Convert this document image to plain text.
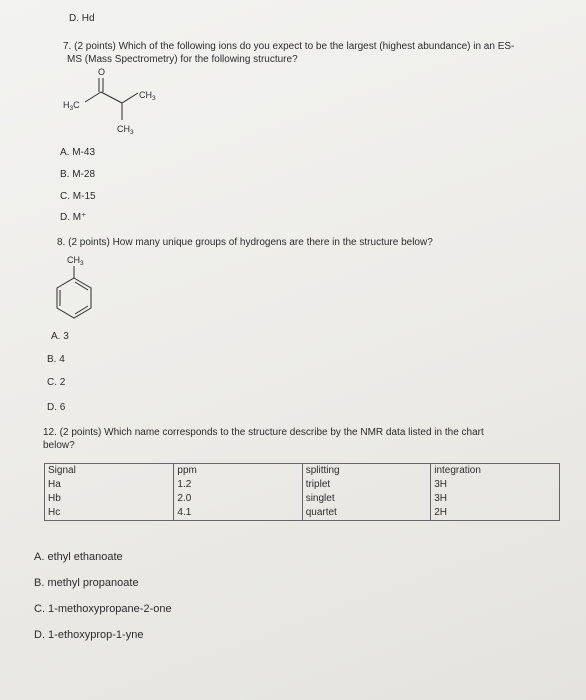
D. Hd
7. (2 points) Which of the following ions do you expect to be the largest (highest abundance) in an ES-
MS (Mass Spectrometry) for the following structure?
O
$H_3C$
$CH_3$
$CH_3$
A. M-43
B. M-28
C. M-15
D. M⁺
8. (2 points) How many unique groups of hydrogens are there in the structure below?
$CH_3$
A. 3
B. 4
C. 2
D. 6
12. (2 points) Which name corresponds to the structure describe by the NMR data listed in the chart
below?
Signal	ppm	splitting	integration
Ha	1.2	triplet	3H
Hb	2.0	singlet	3H
Hc	4.1	quartet	2H
A. ethyl ethanoate
B. methyl propanoate
C. 1-methoxypropane-2-one
D. 1-ethoxyprop-1-yne
